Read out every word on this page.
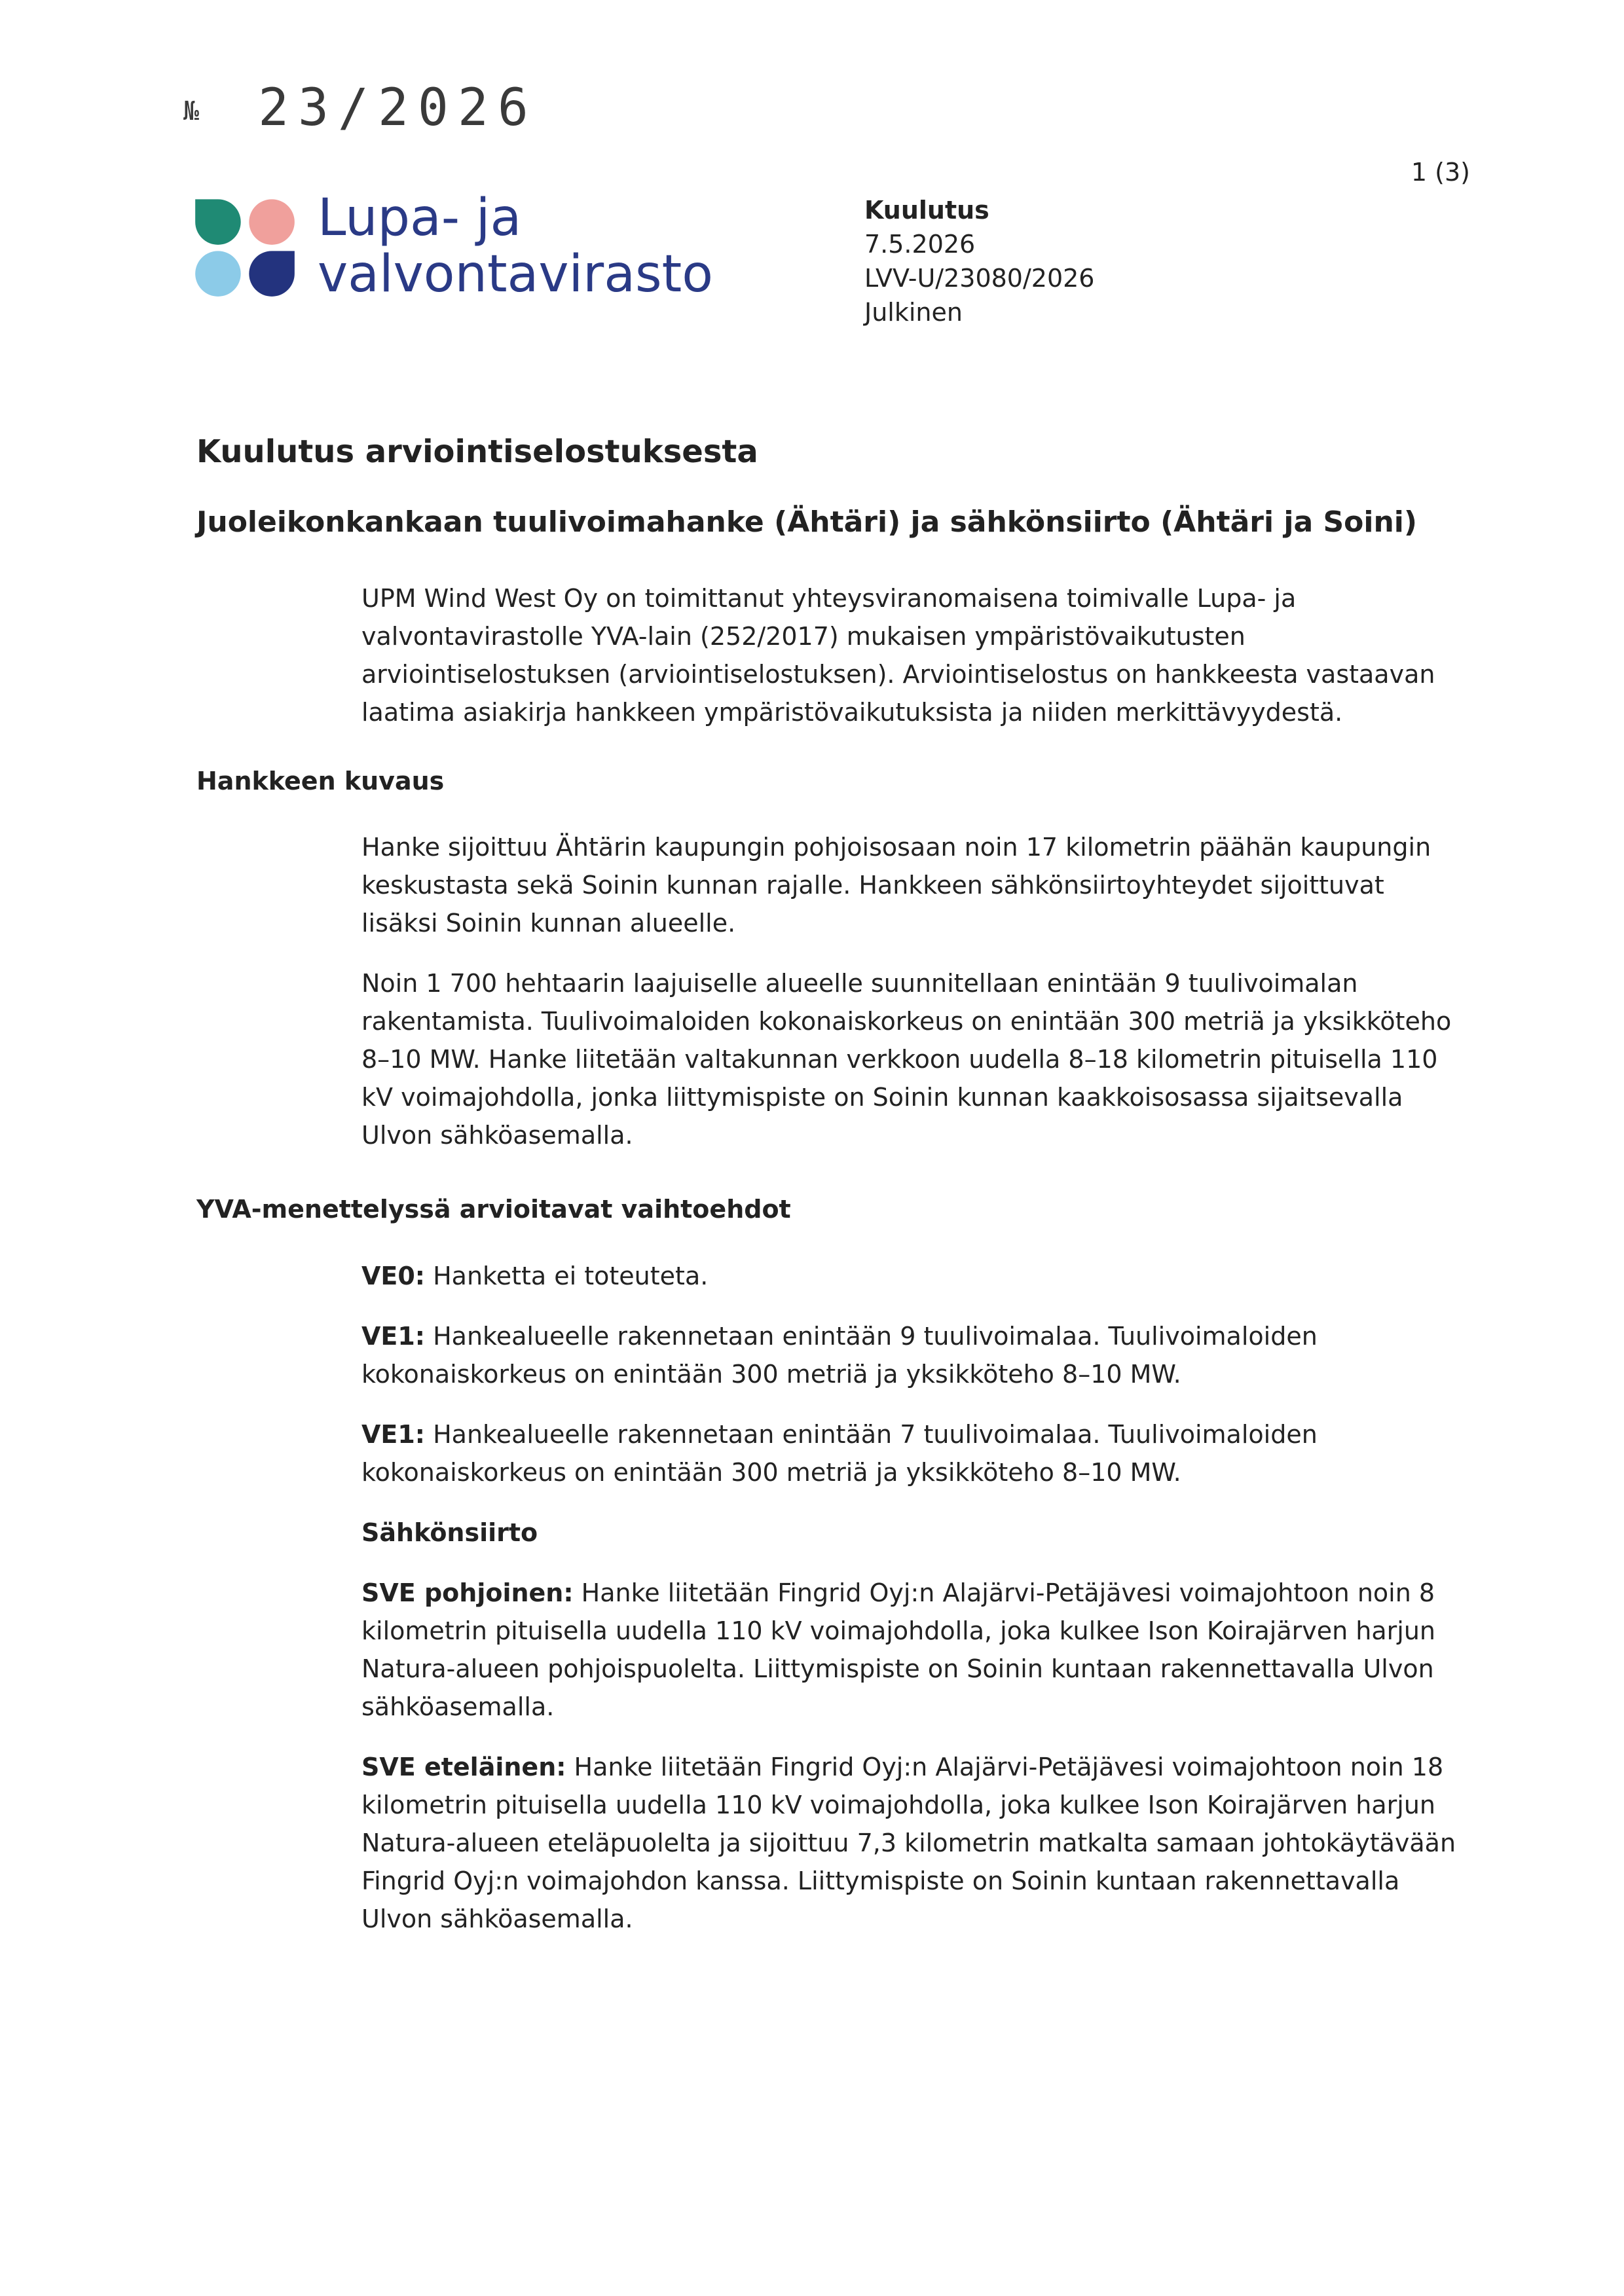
№ 23/2026
1 (3)
Lupa- ja
valvontavirasto
Kuulutus
7.5.2026
LVV-U/23080/2026
Julkinen
Kuulutus arviointiselostuksesta
Juoleikonkankaan tuulivoimahanke (Ähtäri) ja sähkönsiirto (Ähtäri ja Soini)

UPM Wind West Oy on toimittanut yhteysviranomaisena toimivalle Lupa- ja valvontavirastolle YVA-lain (252/2017) mukaisen ympäristövaikutusten arviointiselostuksen (arviointiselostuksen). Arviointiselostus on hankkeesta vastaavan laatima asiakirja hankkeen ympäristövaikutuksista ja niiden merkittävyydestä.

Hankkeen kuvaus

Hanke sijoittuu Ähtärin kaupungin pohjoisosaan noin 17 kilometrin päähän kaupungin keskustasta sekä Soinin kunnan rajalle. Hankkeen sähkönsiirtoyhteydet sijoittuvat lisäksi Soinin kunnan alueelle.

Noin 1 700 hehtaarin laajuiselle alueelle suunnitellaan enintään 9 tuulivoimalan rakentamista. Tuulivoimaloiden kokonaiskorkeus on enintään 300 metriä ja yksikköteho 8–10 MW. Hanke liitetään valtakunnan verkkoon uudella 8–18 kilometrin pituisella 110 kV voimajohdolla, jonka liittymispiste on Soinin kunnan kaakkoisosassa sijaitsevalla Ulvon sähköasemalla.

YVA-menettelyssä arvioitavat vaihtoehdot

VE0: Hanketta ei toteuteta.

VE1: Hankealueelle rakennetaan enintään 9 tuulivoimalaa. Tuulivoimaloiden kokonaiskorkeus on enintään 300 metriä ja yksikköteho 8–10 MW.

VE1: Hankealueelle rakennetaan enintään 7 tuulivoimalaa. Tuulivoimaloiden kokonaiskorkeus on enintään 300 metriä ja yksikköteho 8–10 MW.

Sähkönsiirto

SVE pohjoinen: Hanke liitetään Fingrid Oyj:n Alajärvi-Petäjävesi voimajohtoon noin 8 kilometrin pituisella uudella 110 kV voimajohdolla, joka kulkee Ison Koirajärven harjun Natura-alueen pohjoispuolelta. Liittymispiste on Soinin kuntaan rakennettavalla Ulvon sähköasemalla.

SVE eteläinen: Hanke liitetään Fingrid Oyj:n Alajärvi-Petäjävesi voimajohtoon noin 18 kilometrin pituisella uudella 110 kV voimajohdolla, joka kulkee Ison Koirajärven harjun Natura-alueen eteläpuolelta ja sijoittuu 7,3 kilometrin matkalta samaan johtokäytävään Fingrid Oyj:n voimajohdon kanssa. Liittymispiste on Soinin kuntaan rakennettavalla Ulvon sähköasemalla.
